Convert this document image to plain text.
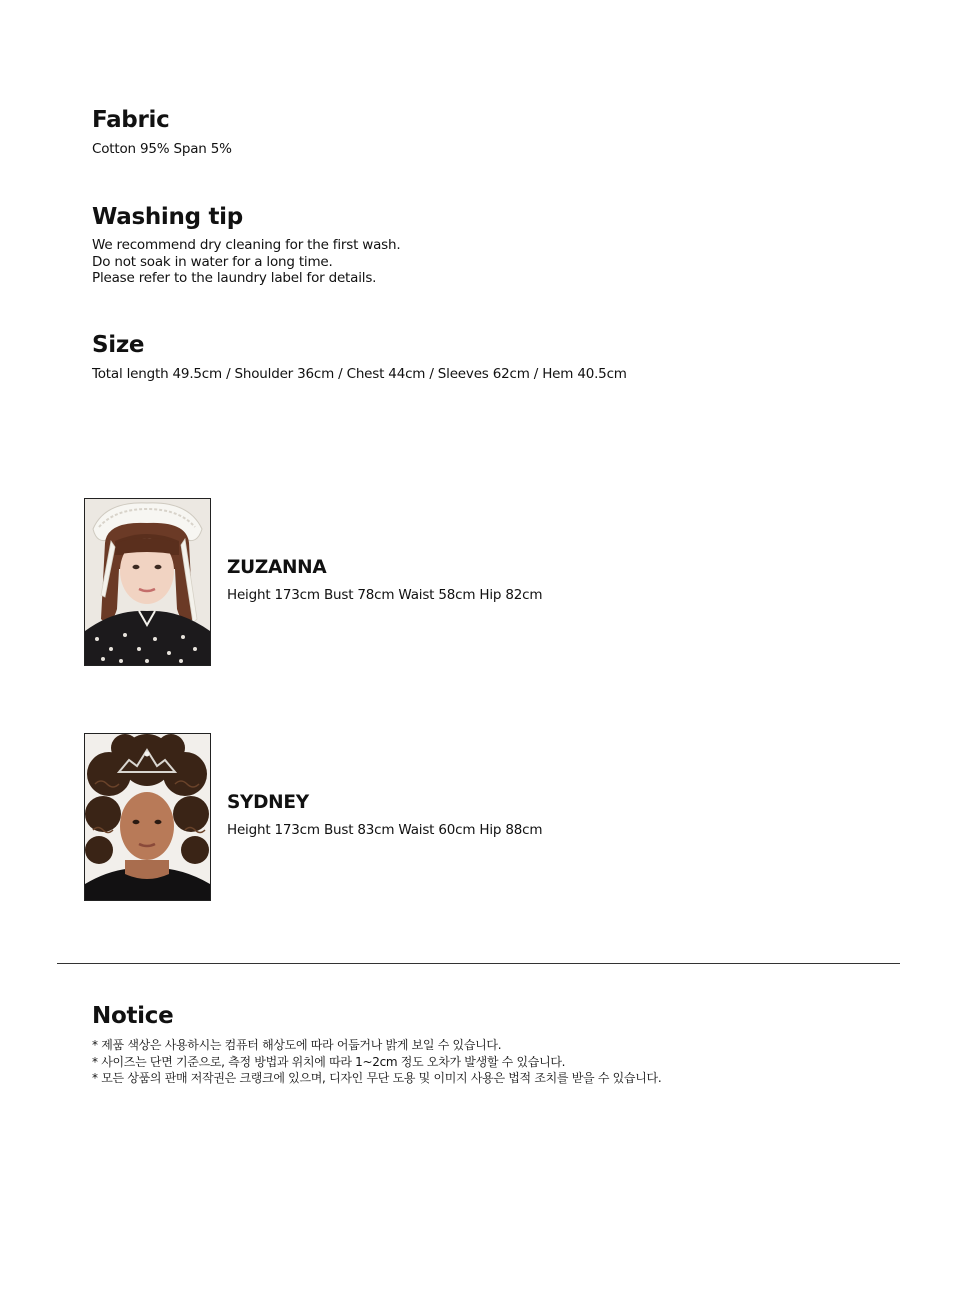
Fabric

Cotton 95% Span 5%

Washing tip

We recommend dry cleaning for the first wash.
Do not soak in water for a long time.
Please refer to the laundry label for details.

Size

Total length 49.5cm / Shoulder 36cm / Chest 44cm / Sleeves 62cm / Hem 40.5cm

ZUZANNA

Height 173cm Bust 78cm Waist 58cm Hip 82cm

SYDNEY

Height 173cm Bust 83cm Waist 60cm Hip 88cm

Notice

* 제품 색상은 사용하시는 컴퓨터 해상도에 따라 어둡거나 밝게 보일 수 있습니다.
* 사이즈는 단면 기준으로, 측정 방법과 위치에 따라 1~2cm 정도 오차가 발생할 수 있습니다.
* 모든 상품의 판매 저작권은 크랭크에 있으며, 디자인 무단 도용 및 이미지 사용은 법적 조치를 받을 수 있습니다.
